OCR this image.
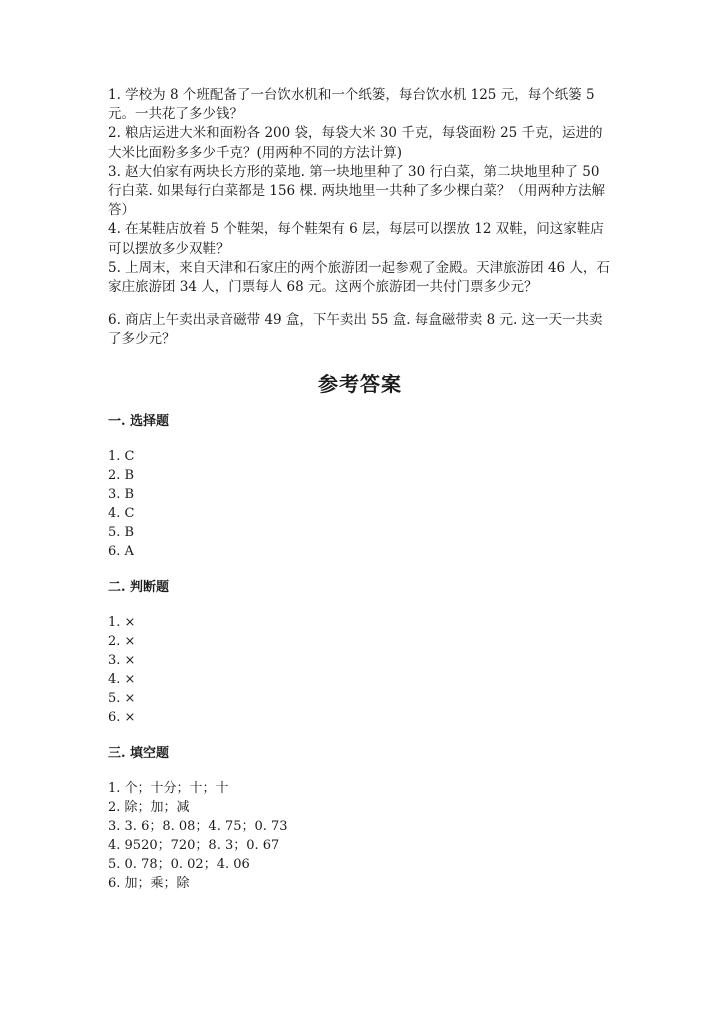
1. 学校为 8 个班配备了一台饮水机和一个纸篓，每台饮水机 125 元，每个纸篓 5 元。一共花了多少钱？

2. 粮店运进大米和面粉各 200 袋，每袋大米 30 千克，每袋面粉 25 千克，运进的大米比面粉多多少千克？(用两种不同的方法计算)

3. 赵大伯家有两块长方形的菜地. 第一块地里种了 30 行白菜，第二块地里种了 50 行白菜. 如果每行白菜都是 156 棵. 两块地里一共种了多少棵白菜？（用两种方法解答）

4. 在某鞋店放着 5 个鞋架，每个鞋架有 6 层，每层可以摆放 12 双鞋，问这家鞋店可以摆放多少双鞋？

5. 上周末，来自天津和石家庄的两个旅游团一起参观了金殿。天津旅游团 46 人，石家庄旅游团 34 人，门票每人 68 元。这两个旅游团一共付门票多少元？

6. 商店上午卖出录音磁带 49 盒，下午卖出 55 盒. 每盒磁带卖 8 元. 这一天一共卖了多少元？

参考答案
一. 选择题

1. C

2. B

3. B

4. C

5. B

6. A

二. 判断题

1. ×

2. ×

3. ×

4. ×

5. ×

6. ×

三. 填空题

1. 个；十分；十；十

2. 除；加；减

3. 3. 6；8. 08；4. 75；0. 73

4. 9520；720；8. 3；0. 67

5. 0. 78；0. 02；4. 06

6. 加；乘；除
